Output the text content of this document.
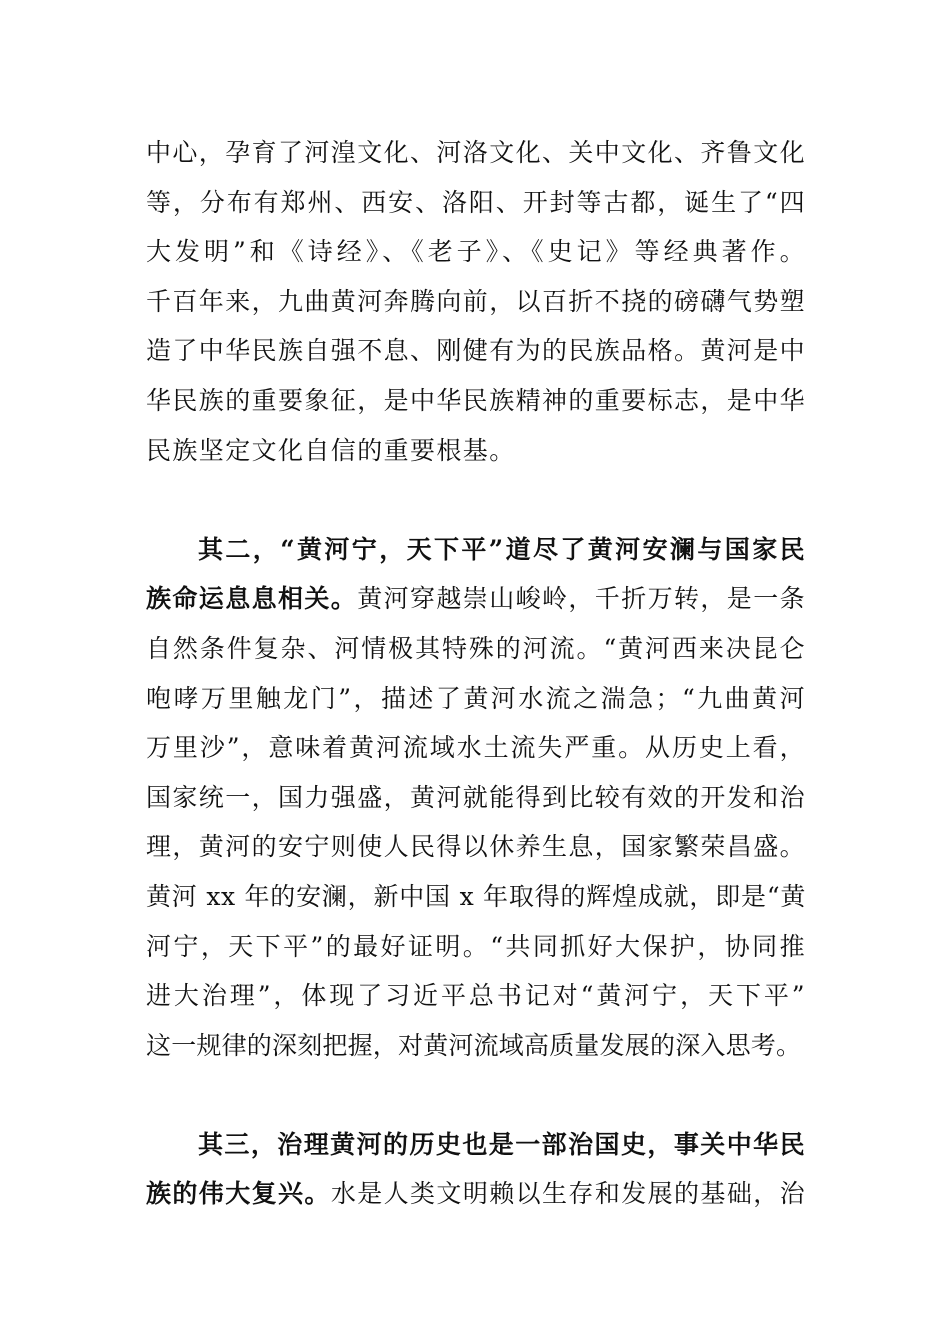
中心，孕育了河湟文化、河洛文化、关中文化、齐鲁文化
等，分布有郑州、西安、洛阳、开封等古都，诞生了“四
大发明”和《诗经》、《老子》、《史记》等经典著作。
千百年来，九曲黄河奔腾向前，以百折不挠的磅礴气势塑
造了中华民族自强不息、刚健有为的民族品格。黄河是中
华民族的重要象征，是中华民族精神的重要标志，是中华
民族坚定文化自信的重要根基。
其二，“黄河宁，天下平”道尽了黄河安澜与国家民
族命运息息相关。黄河穿越崇山峻岭，千折万转，是一条
自然条件复杂、河情极其特殊的河流。“黄河西来决昆仑
咆哮万里触龙门”，描述了黄河水流之湍急；“九曲黄河
万里沙”，意味着黄河流域水土流失严重。从历史上看，
国家统一，国力强盛，黄河就能得到比较有效的开发和治
理，黄河的安宁则使人民得以休养生息，国家繁荣昌盛。
黄河 xx 年的安澜，新中国 x 年取得的辉煌成就，即是“黄
河宁，天下平”的最好证明。“共同抓好大保护，协同推
进大治理”，体现了习近平总书记对“黄河宁，天下平”
这一规律的深刻把握，对黄河流域高质量发展的深入思考。
其三，治理黄河的历史也是一部治国史，事关中华民
族的伟大复兴。水是人类文明赖以生存和发展的基础，治
